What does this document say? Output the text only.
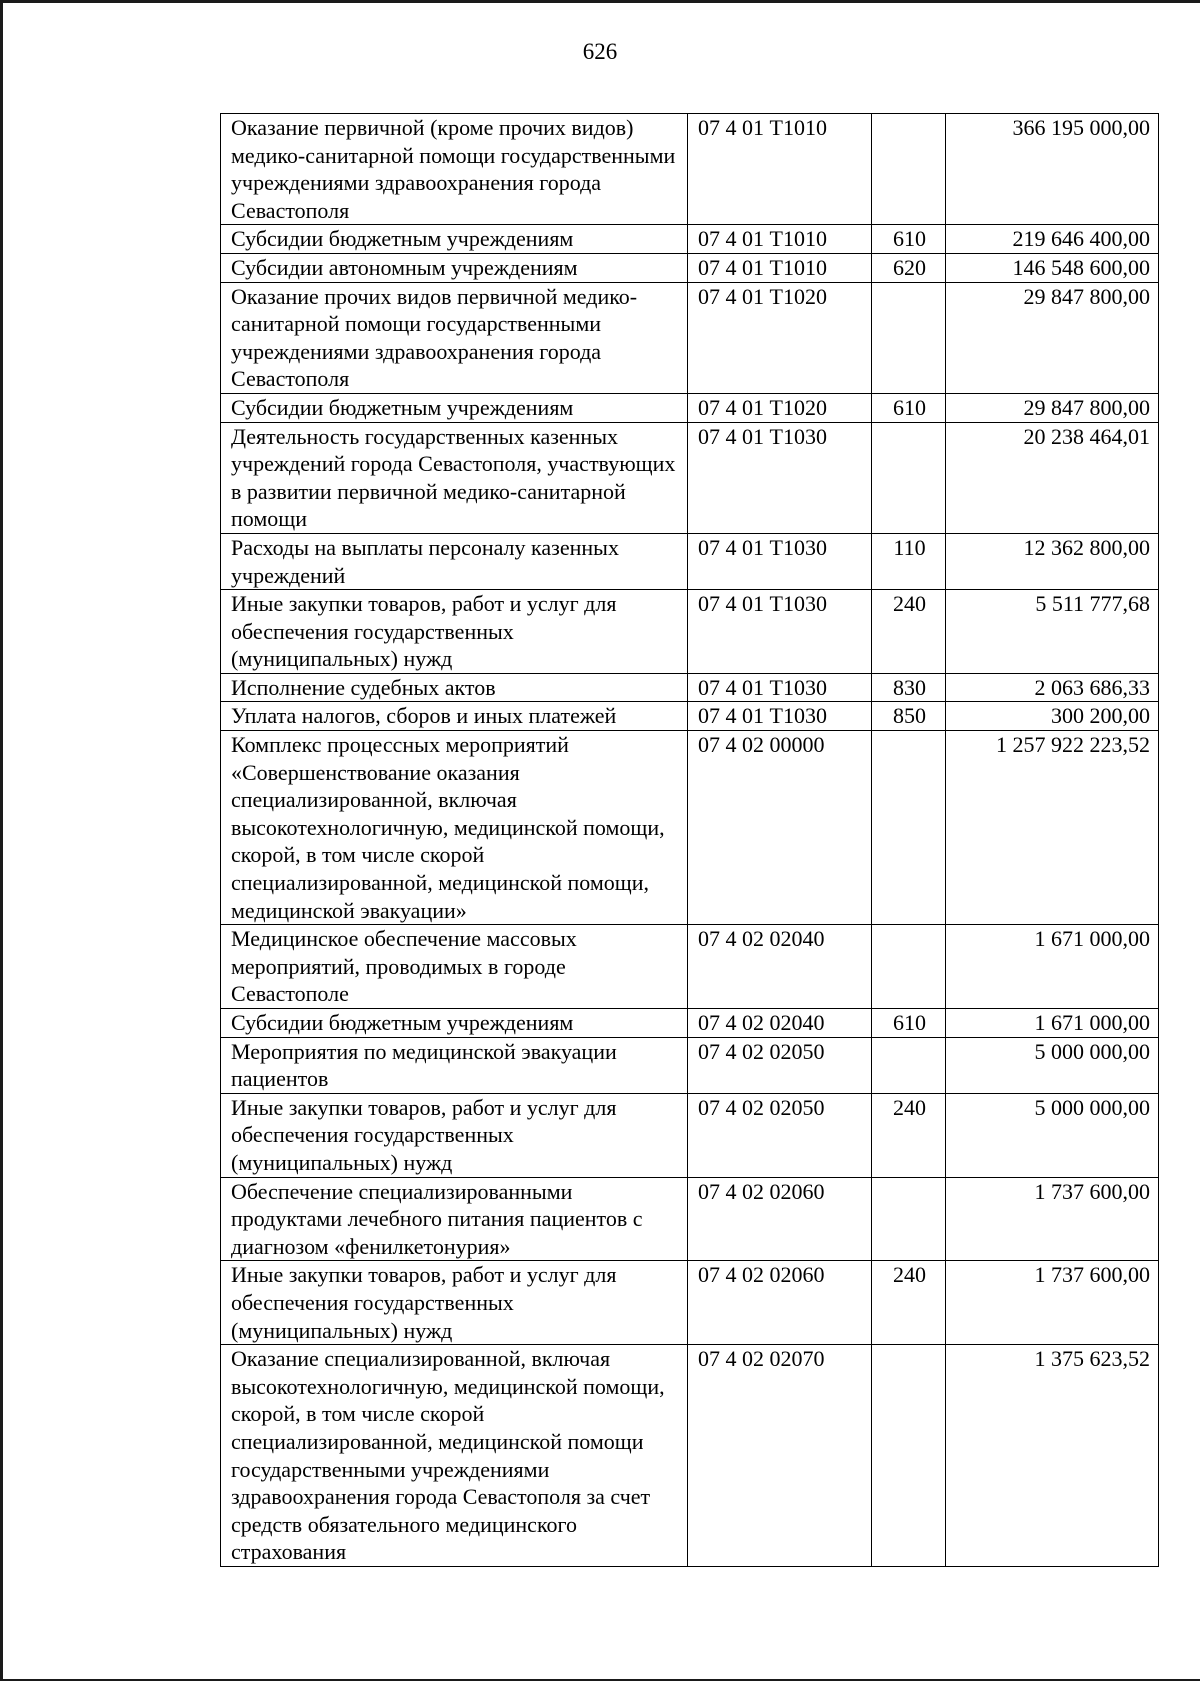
626
Оказание первичной (кроме прочих видов) медико-санитарной помощи государственными учреждениями здравоохранения города Севастополя	07 4 01 Т1010		366 195 000,00
Субсидии бюджетным учреждениям	07 4 01 Т1010	610	219 646 400,00
Субсидии автономным учреждениям	07 4 01 Т1010	620	146 548 600,00
Оказание прочих видов первичной медико-санитарной помощи государственными учреждениями здравоохранения города Севастополя	07 4 01 Т1020		29 847 800,00
Субсидии бюджетным учреждениям	07 4 01 Т1020	610	29 847 800,00
Деятельность государственных казенных учреждений города Севастополя, участвующих в развитии первичной медико-санитарной помощи	07 4 01 Т1030		20 238 464,01
Расходы на выплаты персоналу казенных учреждений	07 4 01 Т1030	110	12 362 800,00
Иные закупки товаров, работ и услуг для обеспечения государственных (муниципальных) нужд	07 4 01 Т1030	240	5 511 777,68
Исполнение судебных актов	07 4 01 Т1030	830	2 063 686,33
Уплата налогов, сборов и иных платежей	07 4 01 Т1030	850	300 200,00
Комплекс процессных мероприятий «Совершенствование оказания специализированной, включая высокотехнологичную, медицинской помощи, скорой, в том числе скорой специализированной, медицинской помощи, медицинской эвакуации»	07 4 02 00000		1 257 922 223,52
Медицинское обеспечение массовых мероприятий, проводимых в городе Севастополе	07 4 02 02040		1 671 000,00
Субсидии бюджетным учреждениям	07 4 02 02040	610	1 671 000,00
Мероприятия по медицинской эвакуации пациентов	07 4 02 02050		5 000 000,00
Иные закупки товаров, работ и услуг для обеспечения государственных (муниципальных) нужд	07 4 02 02050	240	5 000 000,00
Обеспечение специализированными продуктами лечебного питания пациентов с диагнозом «фенилкетонурия»	07 4 02 02060		1 737 600,00
Иные закупки товаров, работ и услуг для обеспечения государственных (муниципальных) нужд	07 4 02 02060	240	1 737 600,00
Оказание специализированной, включая высокотехнологичную, медицинской помощи, скорой, в том числе скорой специализированной, медицинской помощи государственными учреждениями здравоохранения города Севастополя за счет средств обязательного медицинского страхования	07 4 02 02070		1 375 623,52
